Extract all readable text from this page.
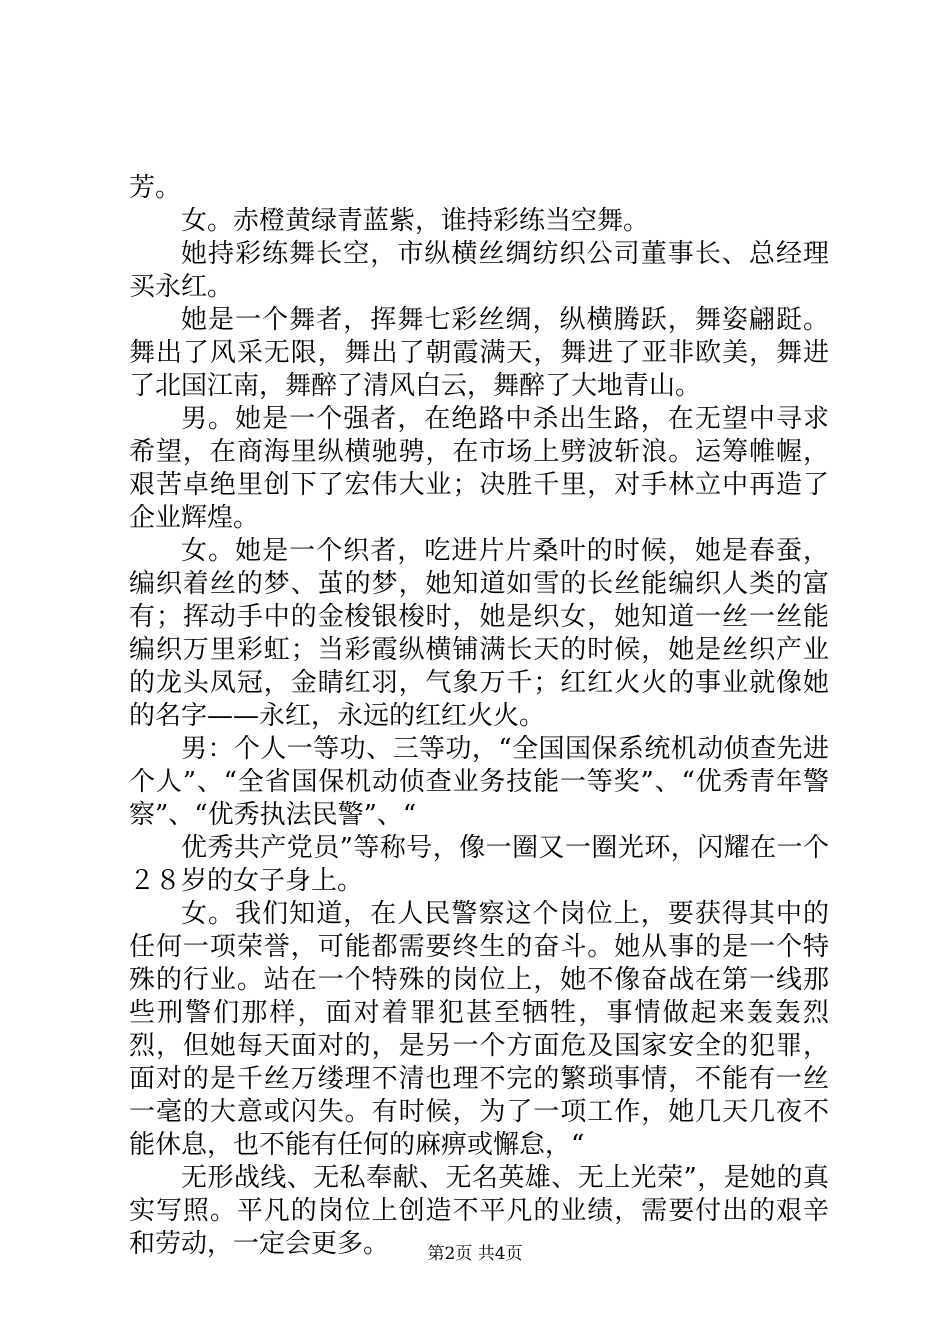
芳。

女。赤橙黄绿青蓝紫，谁持彩练当空舞。

她持彩练舞长空，市纵横丝绸纺织公司董事长、总经理买永红。

她是一个舞者，挥舞七彩丝绸，纵横腾跃，舞姿翩跹。舞出了风采无限，舞出了朝霞满天，舞进了亚非欧美，舞进了北国江南，舞醉了清风白云，舞醉了大地青山。

男。她是一个强者，在绝路中杀出生路，在无望中寻求希望，在商海里纵横驰骋，在市场上劈波斩浪。运筹帷幄，艰苦卓绝里创下了宏伟大业；决胜千里，对手林立中再造了企业辉煌。

女。她是一个织者，吃进片片桑叶的时候，她是春蚕，编织着丝的梦、茧的梦，她知道如雪的长丝能编织人类的富有；挥动手中的金梭银梭时，她是织女，她知道一丝一丝能编织万里彩虹；当彩霞纵横铺满长天的时候，她是丝织产业的龙头凤冠，金睛红羽，气象万千；红红火火的事业就像她的名字——永红，永远的红红火火。

男：个人一等功、三等功，“全国国保系统机动侦查先进个人”、“全省国保机动侦查业务技能一等奖”、“优秀青年警察”、“优秀执法民警”、“

优秀共产党员”等称号，像一圈又一圈光环，闪耀在一个２８岁的女子身上。

女。我们知道，在人民警察这个岗位上，要获得其中的任何一项荣誉，可能都需要终生的奋斗。她从事的是一个特殊的行业。站在一个特殊的岗位上，她不像奋战在第一线那些刑警们那样，面对着罪犯甚至牺牲，事情做起来轰轰烈烈，但她每天面对的，是另一个方面危及国家安全的犯罪，面对的是千丝万缕理不清也理不完的繁琐事情，不能有一丝一毫的大意或闪失。有时候，为了一项工作，她几天几夜不能休息，也不能有任何的麻痹或懈怠，“

无形战线、无私奉献、无名英雄、无上光荣”，是她的真实写照。平凡的岗位上创造不平凡的业绩，需要付出的艰辛和劳动，一定会更多。	第2页 共4页
